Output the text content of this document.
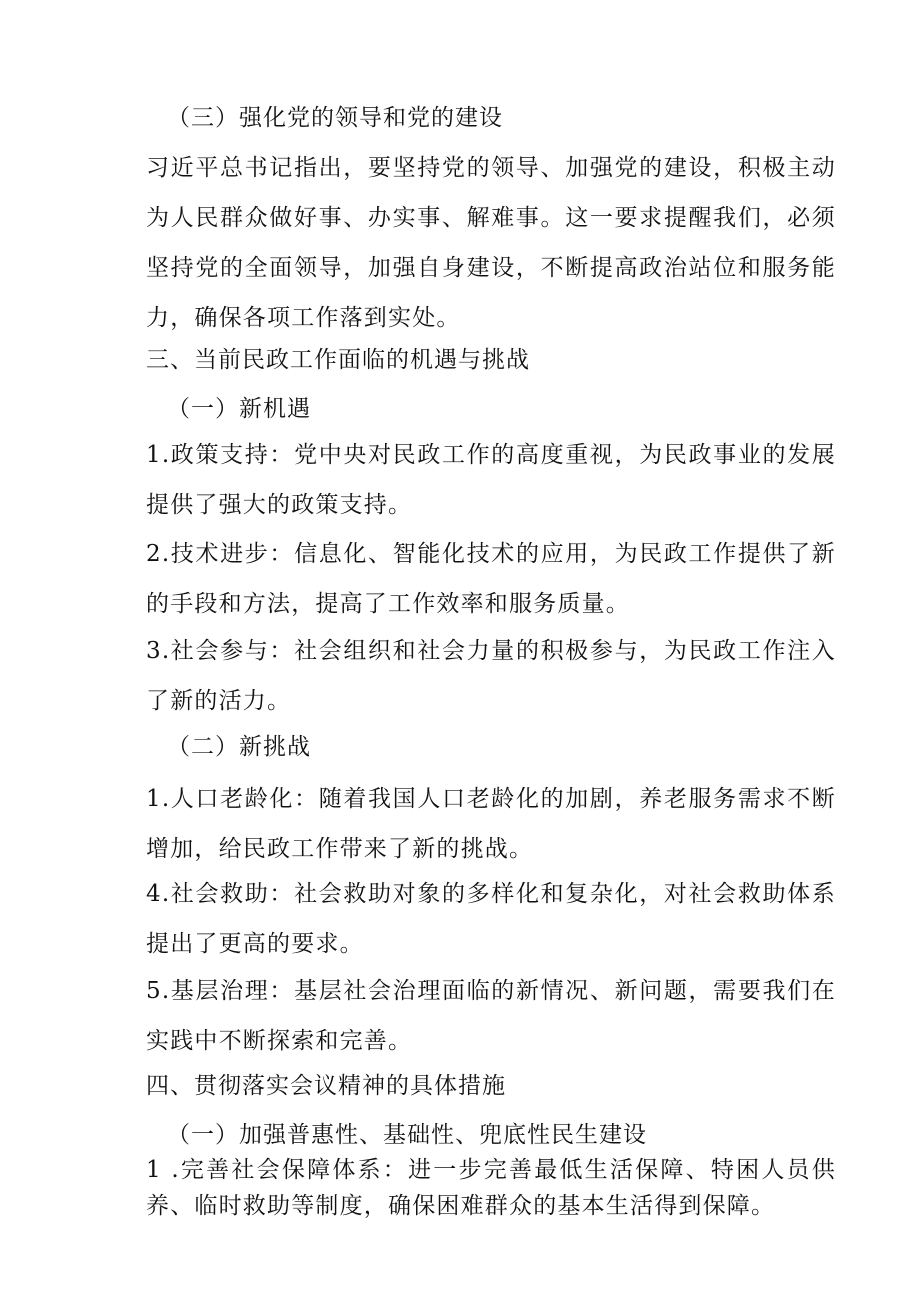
（三）强化党的领导和党的建设
习近平总书记指出，要坚持党的领导、加强党的建设，积极主动为人民群众做好事、办实事、解难事。这一要求提醒我们，必须坚持党的全面领导，加强自身建设，不断提高政治站位和服务能力，确保各项工作落到实处。
三、当前民政工作面临的机遇与挑战
（一）新机遇
1.政策支持：党中央对民政工作的高度重视，为民政事业的发展提供了强大的政策支持。
2.技术进步：信息化、智能化技术的应用，为民政工作提供了新的手段和方法，提高了工作效率和服务质量。
3.社会参与：社会组织和社会力量的积极参与，为民政工作注入了新的活力。
（二）新挑战
1.人口老龄化：随着我国人口老龄化的加剧，养老服务需求不断增加，给民政工作带来了新的挑战。
4.社会救助：社会救助对象的多样化和复杂化，对社会救助体系提出了更高的要求。
5.基层治理：基层社会治理面临的新情况、新问题，需要我们在实践中不断探索和完善。
四、贯彻落实会议精神的具体措施
（一）加强普惠性、基础性、兜底性民生建设
1 .完善社会保障体系：进一步完善最低生活保障、特困人员供养、临时救助等制度，确保困难群众的基本生活得到保障。
